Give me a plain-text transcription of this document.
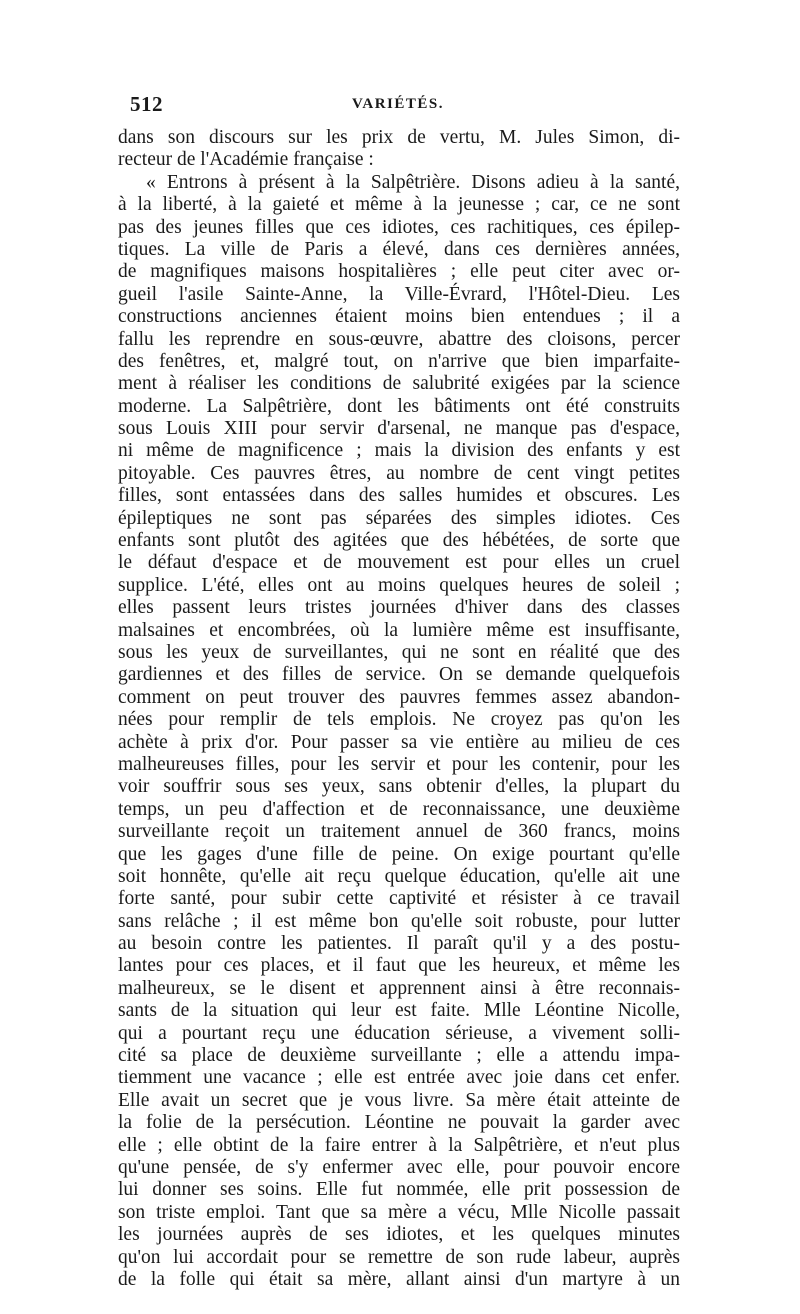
512	VARIÉTÉS.
dans son discours sur les prix de vertu, M. Jules Simon, di-
recteur de l'Académie française :
« Entrons à présent à la Salpêtrière. Disons adieu à la santé,
à la liberté, à la gaieté et même à la jeunesse ; car, ce ne sont
pas des jeunes filles que ces idiotes, ces rachitiques, ces épilep-
tiques. La ville de Paris a élevé, dans ces dernières années,
de magnifiques maisons hospitalières ; elle peut citer avec or-
gueil l'asile Sainte-Anne, la Ville-Évrard, l'Hôtel-Dieu. Les
constructions anciennes étaient moins bien entendues ; il a
fallu les reprendre en sous-œuvre, abattre des cloisons, percer
des fenêtres, et, malgré tout, on n'arrive que bien imparfaite-
ment à réaliser les conditions de salubrité exigées par la science
moderne. La Salpêtrière, dont les bâtiments ont été construits
sous Louis XIII pour servir d'arsenal, ne manque pas d'espace,
ni même de magnificence ; mais la division des enfants y est
pitoyable. Ces pauvres êtres, au nombre de cent vingt petites
filles, sont entassées dans des salles humides et obscures. Les
épileptiques ne sont pas séparées des simples idiotes. Ces
enfants sont plutôt des agitées que des hébétées, de sorte que
le défaut d'espace et de mouvement est pour elles un cruel
supplice. L'été, elles ont au moins quelques heures de soleil ;
elles passent leurs tristes journées d'hiver dans des classes
malsaines et encombrées, où la lumière même est insuffisante,
sous les yeux de surveillantes, qui ne sont en réalité que des
gardiennes et des filles de service. On se demande quelquefois
comment on peut trouver des pauvres femmes assez abandon-
nées pour remplir de tels emplois. Ne croyez pas qu'on les
achète à prix d'or. Pour passer sa vie entière au milieu de ces
malheureuses filles, pour les servir et pour les contenir, pour les
voir souffrir sous ses yeux, sans obtenir d'elles, la plupart du
temps, un peu d'affection et de reconnaissance, une deuxième
surveillante reçoit un traitement annuel de 360 francs, moins
que les gages d'une fille de peine. On exige pourtant qu'elle
soit honnête, qu'elle ait reçu quelque éducation, qu'elle ait une
forte santé, pour subir cette captivité et résister à ce travail
sans relâche ; il est même bon qu'elle soit robuste, pour lutter
au besoin contre les patientes. Il paraît qu'il y a des postu-
lantes pour ces places, et il faut que les heureux, et même les
malheureux, se le disent et apprennent ainsi à être reconnais-
sants de la situation qui leur est faite. Mlle Léontine Nicolle,
qui a pourtant reçu une éducation sérieuse, a vivement solli-
cité sa place de deuxième surveillante ; elle a attendu impa-
tiemment une vacance ; elle est entrée avec joie dans cet enfer.
Elle avait un secret que je vous livre. Sa mère était atteinte de
la folie de la persécution. Léontine ne pouvait la garder avec
elle ; elle obtint de la faire entrer à la Salpêtrière, et n'eut plus
qu'une pensée, de s'y enfermer avec elle, pour pouvoir encore
lui donner ses soins. Elle fut nommée, elle prit possession de
son triste emploi. Tant que sa mère a vécu, Mlle Nicolle passait
les journées auprès de ses idiotes, et les quelques minutes
qu'on lui accordait pour se remettre de son rude labeur, auprès
de la folle qui était sa mère, allant ainsi d'un martyre à un
